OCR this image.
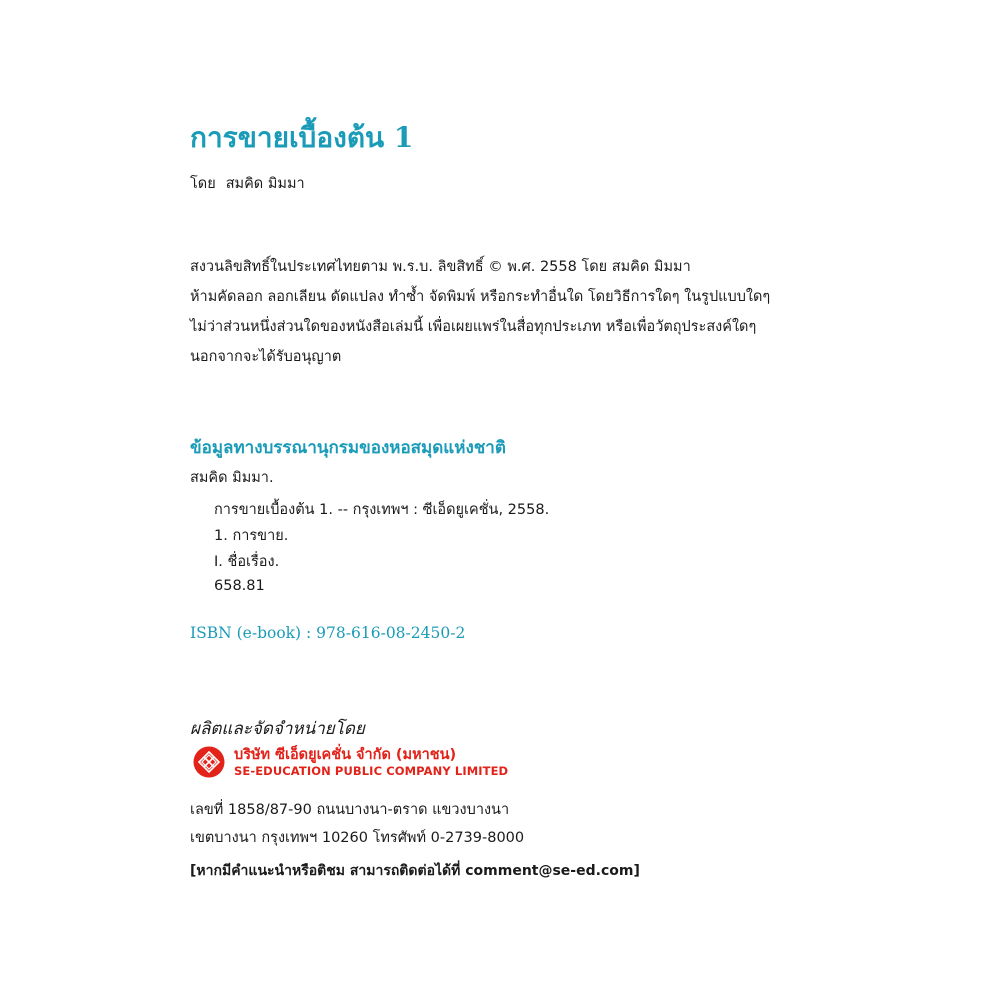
การขายเบื้องต้น 1
โดย สมคิด มิมมา
สงวนลิขสิทธิ์ในประเทศไทยตาม พ.ร.บ. ลิขสิทธิ์ © พ.ศ. 2558 โดย สมคิด มิมมา
ห้ามคัดลอก ลอกเลียน ดัดแปลง ทำซ้ำ จัดพิมพ์ หรือกระทำอื่นใด โดยวิธีการใดๆ ในรูปแบบใดๆ
ไม่ว่าส่วนหนึ่งส่วนใดของหนังสือเล่มนี้ เพื่อเผยแพร่ในสื่อทุกประเภท หรือเพื่อวัตถุประสงค์ใดๆ
นอกจากจะได้รับอนุญาต
ข้อมูลทางบรรณานุกรมของหอสมุดแห่งชาติ
สมคิด มิมมา.
การขายเบื้องต้น 1. -- กรุงเทพฯ : ซีเอ็ดยูเคชั่น, 2558.
1. การขาย.
I. ชื่อเรื่อง.
658.81
ISBN (e-book) : 978-616-08-2450-2
ผลิตและจัดจำหน่ายโดย
บริษัท ซีเอ็ดยูเคชั่น จำกัด (มหาชน)
SE-EDUCATION PUBLIC COMPANY LIMITED
เลขที่ 1858/87-90 ถนนบางนา-ตราด แขวงบางนา
เขตบางนา กรุงเทพฯ 10260 โทรศัพท์ 0-2739-8000
[หากมีคำแนะนำหรือติชม สามารถติดต่อได้ที่ comment@se-ed.com]
